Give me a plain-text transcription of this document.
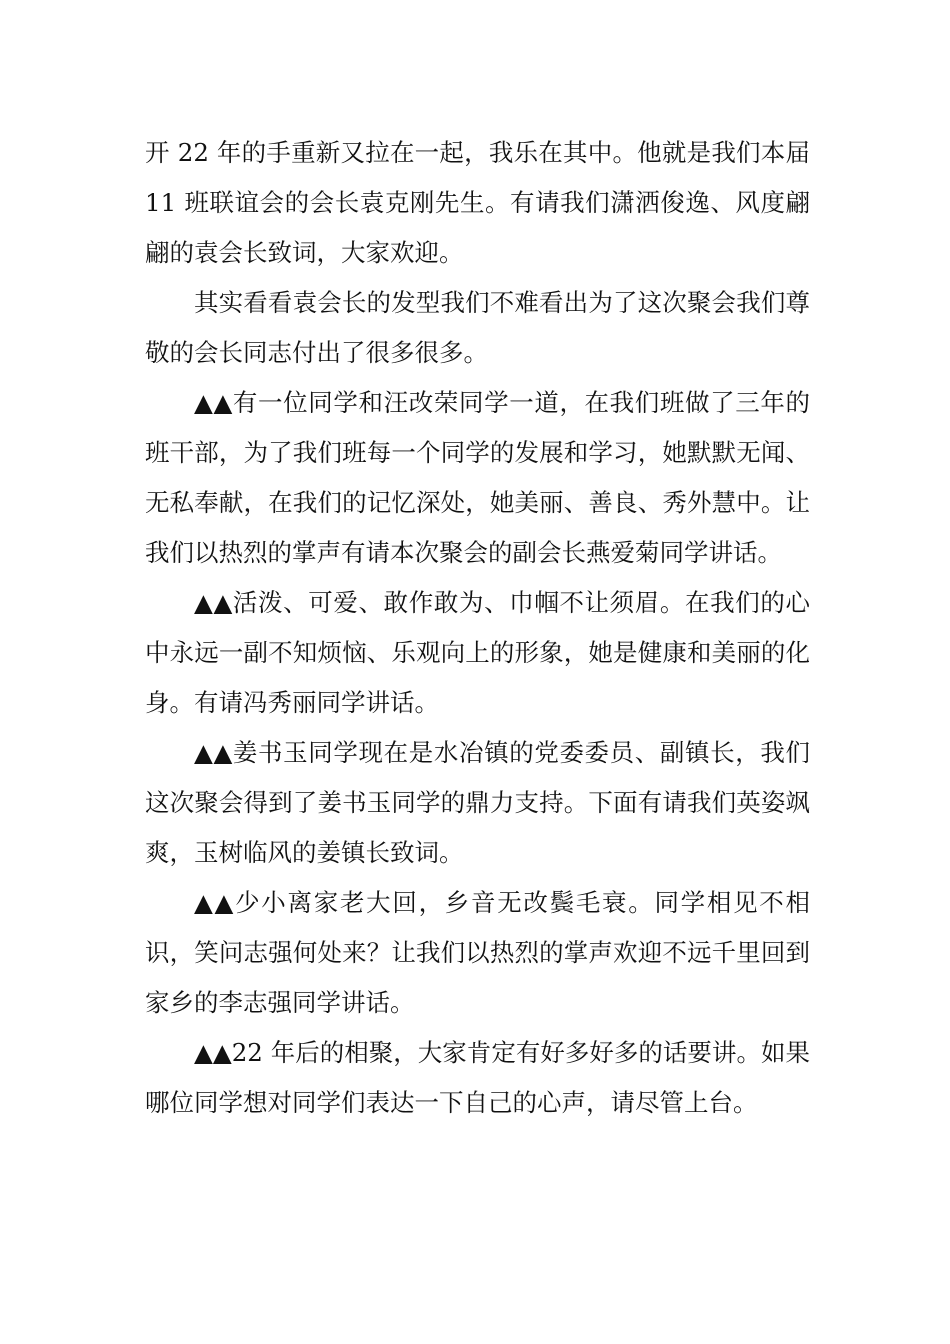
开 22 年的手重新又拉在一起，我乐在其中。他就是我们本届 11 班联谊会的会长袁克刚先生。有请我们潇洒俊逸、风度翩翩的袁会长致词，大家欢迎。

其实看看袁会长的发型我们不难看出为了这次聚会我们尊敬的会长同志付出了很多很多。

▲▲有一位同学和汪改荣同学一道，在我们班做了三年的班干部，为了我们班每一个同学的发展和学习，她默默无闻、无私奉献，在我们的记忆深处，她美丽、善良、秀外慧中。让我们以热烈的掌声有请本次聚会的副会长燕爱菊同学讲话。

▲▲活泼、可爱、敢作敢为、巾帼不让须眉。在我们的心中永远一副不知烦恼、乐观向上的形象，她是健康和美丽的化身。有请冯秀丽同学讲话。

▲▲姜书玉同学现在是水冶镇的党委委员、副镇长，我们这次聚会得到了姜书玉同学的鼎力支持。下面有请我们英姿飒爽，玉树临风的姜镇长致词。

▲▲少小离家老大回，乡音无改鬓毛衰。同学相见不相识，笑问志强何处来？让我们以热烈的掌声欢迎不远千里回到家乡的李志强同学讲话。

▲▲22 年后的相聚，大家肯定有好多好多的话要讲。如果哪位同学想对同学们表达一下自己的心声，请尽管上台。
